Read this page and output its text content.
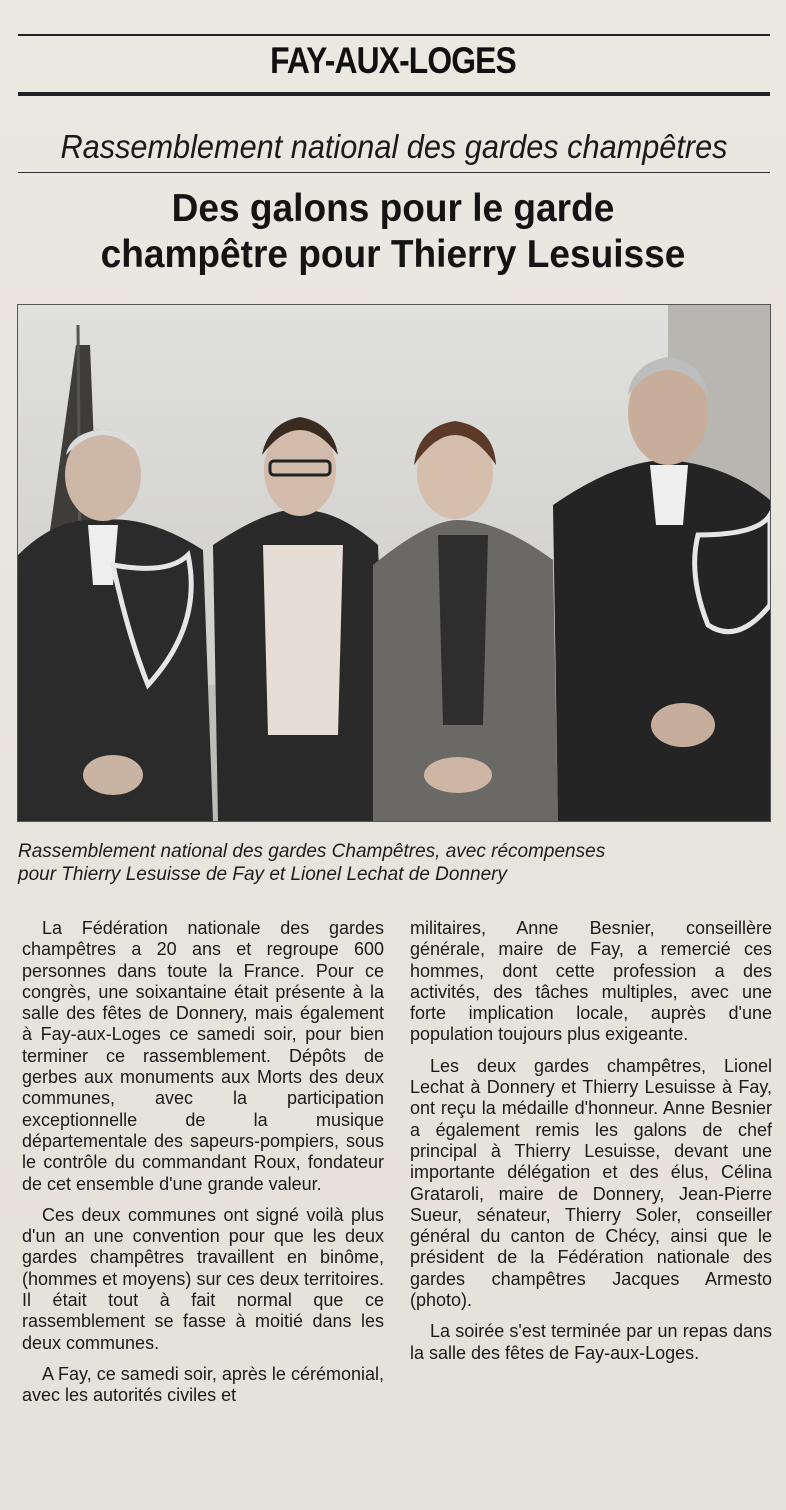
FAY-AUX-LOGES
Rassemblement national des gardes champêtres
Des galons pour le garde
champêtre pour Thierry Lesuisse
Rassemblement national des gardes Champêtres, avec récompenses
pour Thierry Lesuisse de Fay et Lionel Lechat de Donnery

La Fédération nationale des gardes champêtres a 20 ans et regroupe 600 personnes dans toute la France. Pour ce congrès, une soixantaine était présente à la salle des fêtes de Donnery, mais également à Fay-aux-Loges ce samedi soir, pour bien terminer ce rassemblement. Dépôts de gerbes aux monuments aux Morts des deux communes, avec la participation exceptionnelle de la musique départementale des sapeurs-pompiers, sous le contrôle du commandant Roux, fondateur de cet ensemble d'une grande valeur.

Ces deux communes ont signé voilà plus d'un an une convention pour que les deux gardes champêtres travaillent en binôme, (hommes et moyens) sur ces deux territoires. Il était tout à fait normal que ce rassemblement se fasse à moitié dans les deux communes.

A Fay, ce samedi soir, après le cérémonial, avec les autorités civiles et

militaires, Anne Besnier, conseillère générale, maire de Fay, a remercié ces hommes, dont cette profession a des activités, des tâches multiples, avec une forte implication locale, auprès d'une population toujours plus exigeante.

Les deux gardes champêtres, Lionel Lechat à Donnery et Thierry Lesuisse à Fay, ont reçu la médaille d'honneur. Anne Besnier a également remis les galons de chef principal à Thierry Lesuisse, devant une importante délégation et des élus, Célina Grataroli, maire de Donnery, Jean-Pierre Sueur, sénateur, Thierry Soler, conseiller général du canton de Chécy, ainsi que le président de la Fédération nationale des gardes champêtres Jacques Armesto (photo).

La soirée s'est terminée par un repas dans la salle des fêtes de Fay-aux-Loges.
